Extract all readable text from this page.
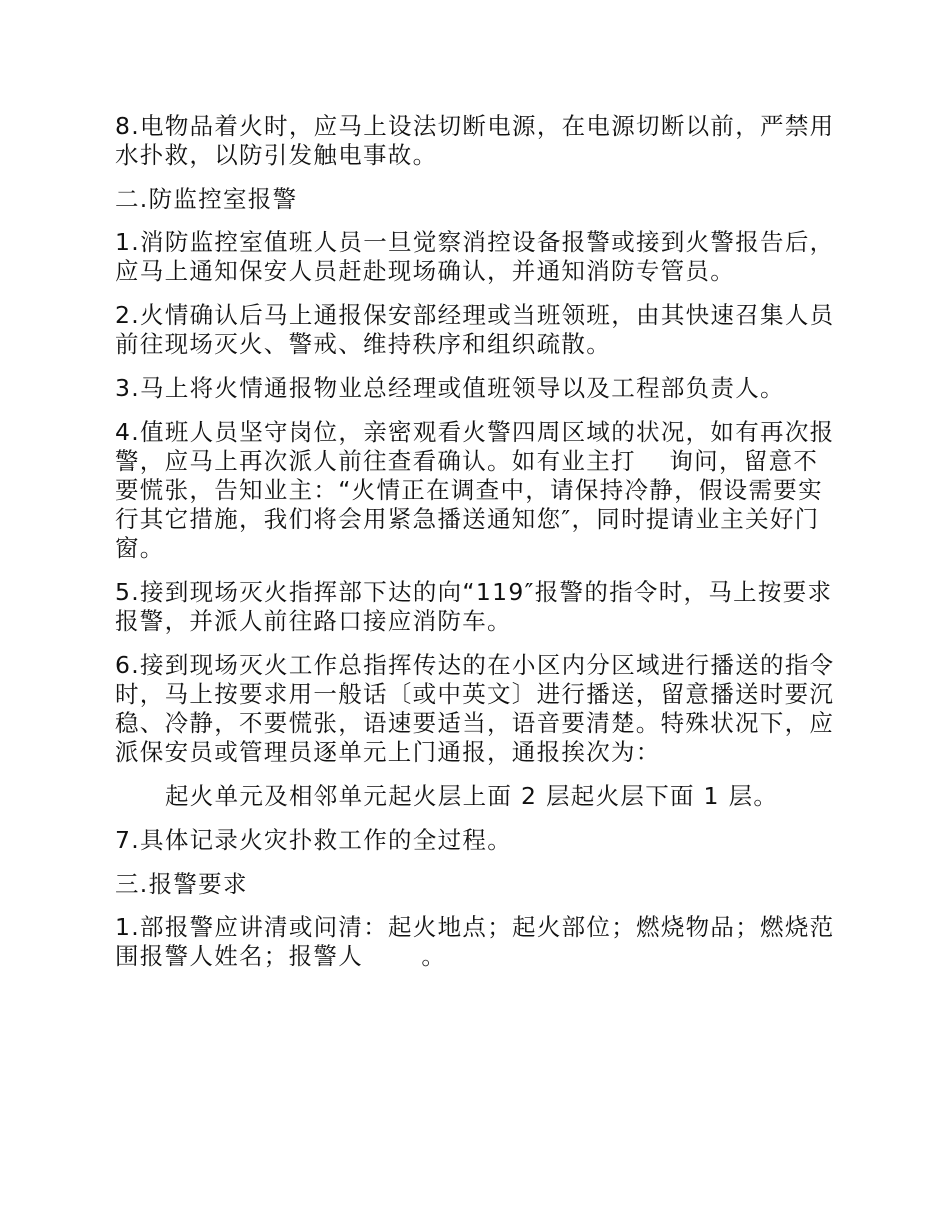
8.电物品着火时，应马上设法切断电源，在电源切断以前，严禁用水扑救，以防引发触电事故。

二.防监控室报警

1.消防监控室值班人员一旦觉察消控设备报警或接到火警报告后，应马上通知保安人员赶赴现场确认，并通知消防专管员。

2.火情确认后马上通报保安部经理或当班领班，由其快速召集人员前往现场灭火、警戒、维持秩序和组织疏散。

3.马上将火情通报物业总经理或值班领导以及工程部负责人。

4.值班人员坚守岗位，亲密观看火警四周区域的状况，如有再次报警，应马上再次派人前往查看确认。如有业主打　 询问，留意不要慌张，告知业主：“火情正在调查中，请保持冷静，假设需要实行其它措施，我们将会用紧急播送通知您″，同时提请业主关好门窗。

5.接到现场灭火指挥部下达的向“119″报警的指令时，马上按要求报警，并派人前往路口接应消防车。

6.接到现场灭火工作总指挥传达的在小区内分区域进行播送的指令时，马上按要求用一般话〔或中英文〕进行播送，留意播送时要沉稳、冷静，不要慌张，语速要适当，语音要清楚。特殊状况下，应派保安员或管理员逐单元上门通报，通报挨次为：

起火单元及相邻单元起火层上面 2 层起火层下面 1 层。

7.具体记录火灾扑救工作的全过程。

三.报警要求

1.部报警应讲清或问清：起火地点；起火部位；燃烧物品；燃烧范围报警人姓名；报警人　 　。
